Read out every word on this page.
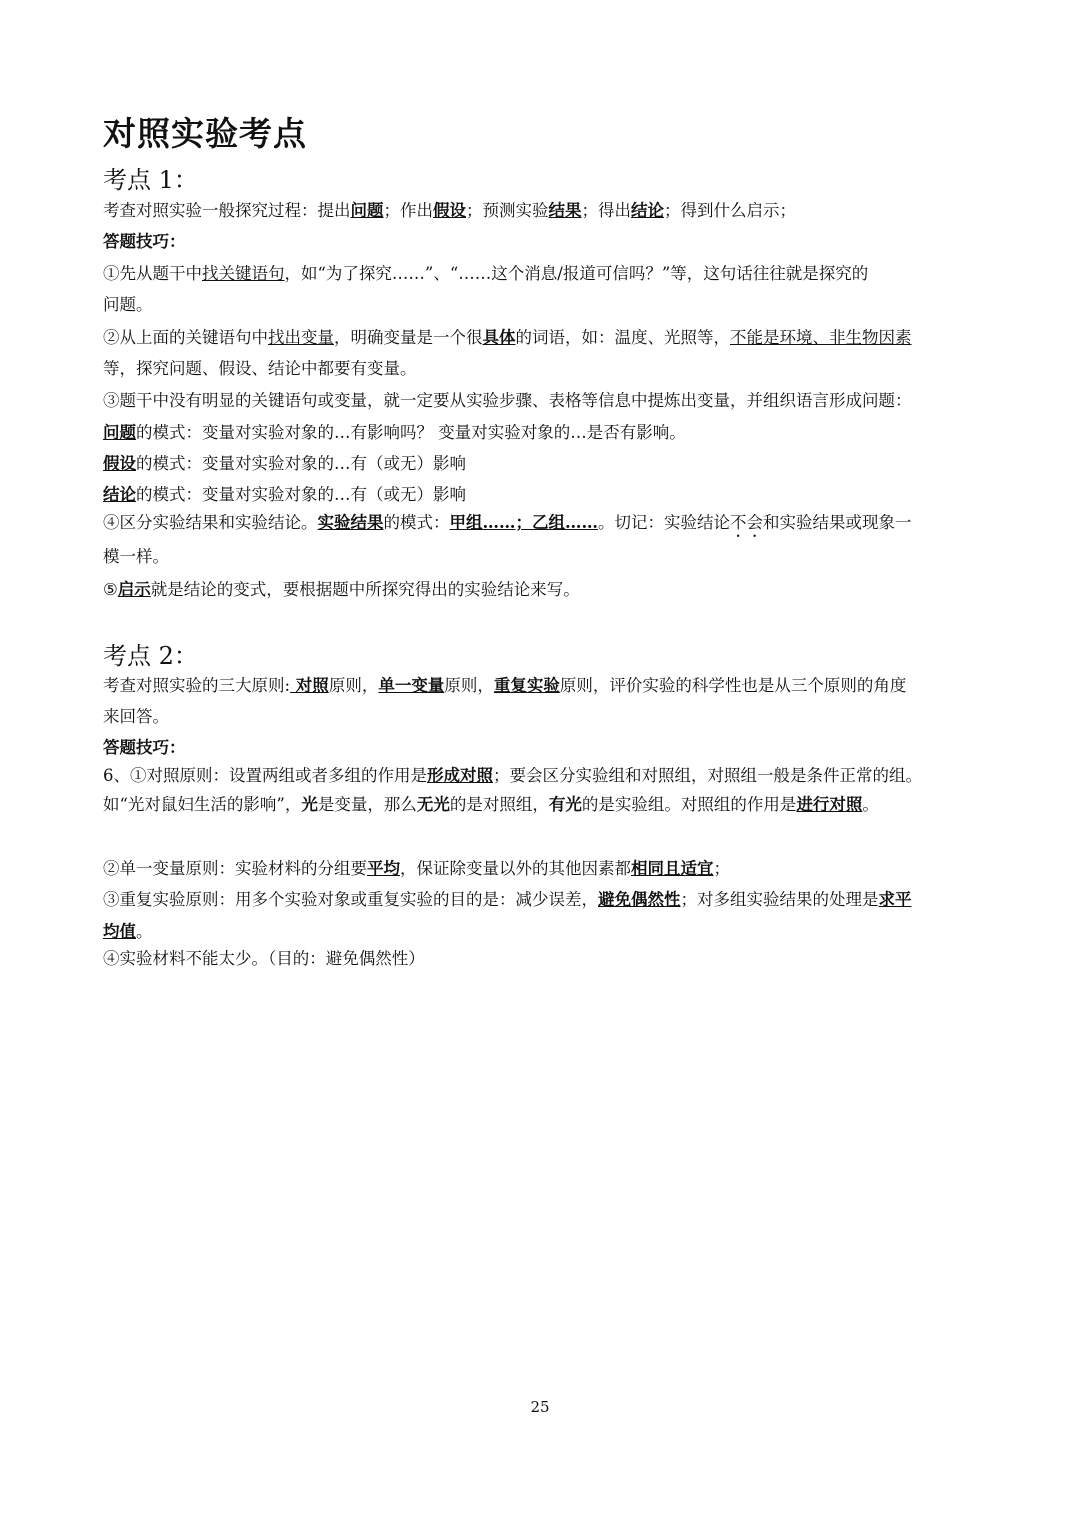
对照实验考点
考点 1：
考查对照实验一般探究过程：提出问题；作出假设；预测实验结果；得出结论；得到什么启示；
答题技巧：
①先从题干中找关键语句，如“为了探究……”、“……这个消息/报道可信吗？”等，这句话往往就是探究的
问题。
②从上面的关键语句中找出变量，明确变量是一个很具体的词语，如：温度、光照等，不能是环境、非生物因素
等，探究问题、假设、结论中都要有变量。
③题干中没有明显的关键语句或变量，就一定要从实验步骤、表格等信息中提炼出变量，并组织语言形成问题：
问题的模式：变量对实验对象的…有影响吗？ 变量对实验对象的…是否有影响。
假设的模式：变量对实验对象的…有（或无）影响
结论的模式：变量对实验对象的…有（或无）影响
④区分实验结果和实验结论。实验结果的模式：甲组……；乙组……。切记：实验结论不会和实验结果或现象一
模一样。
⑤启示就是结论的变式，要根据题中所探究得出的实验结论来写。
考点 2：
考查对照实验的三大原则: 对照原则，单一变量原则，重复实验原则，评价实验的科学性也是从三个原则的角度
来回答。
答题技巧：
6、①对照原则：设置两组或者多组的作用是形成对照；要会区分实验组和对照组，对照组一般是条件正常的组。
如“光对鼠妇生活的影响”，光是变量，那么无光的是对照组，有光的是实验组。对照组的作用是进行对照。
②单一变量原则：实验材料的分组要平均，保证除变量以外的其他因素都相同且适宜；
③重复实验原则：用多个实验对象或重复实验的目的是：减少误差，避免偶然性；对多组实验结果的处理是求平
均值。
④实验材料不能太少。（目的：避免偶然性）
25
